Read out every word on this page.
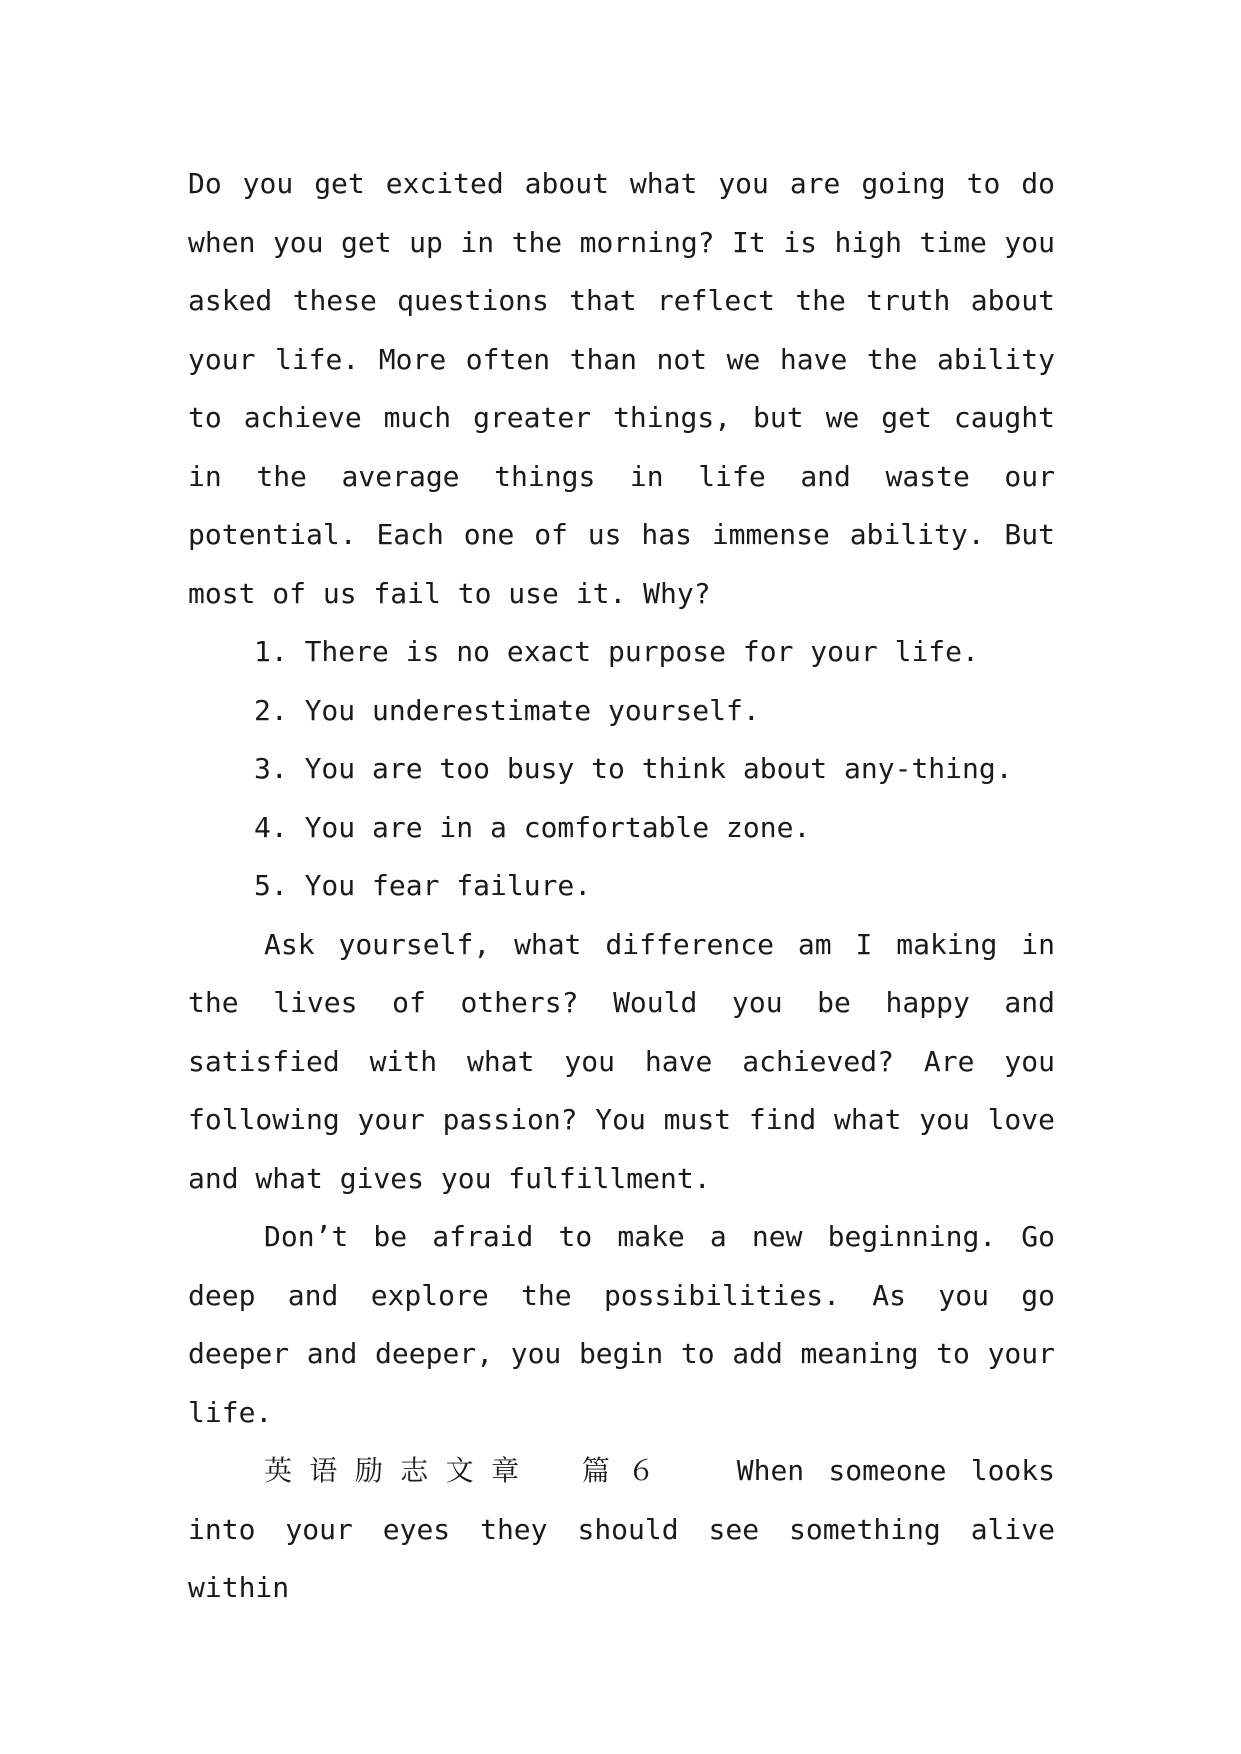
Do you get excited about what you are going to do when you get up in the morning? It is high time you asked these questions that reflect the truth about your life. More often than not we have the ability to achieve much greater things, but we get caught in the average things in life and waste our potential. Each one of us has immense ability. But most of us fail to use it. Why?

1. There is no exact purpose for your life.
2. You underestimate yourself.
3. You are too busy to think about any-thing.
4. You are in a comfortable zone.
5. You fear failure.

Ask yourself, what difference am I making in the lives of others? Would you be happy and satisfied with what you have achieved? Are you following your passion? You must find what you love and what gives you fulfillment.

Don’t be afraid to make a new beginning. Go deep and explore the possibilities. As you go deeper and deeper, you begin to add meaning to your life.

英语励志文章　篇６ When someone looks into your eyes they should see something alive within
